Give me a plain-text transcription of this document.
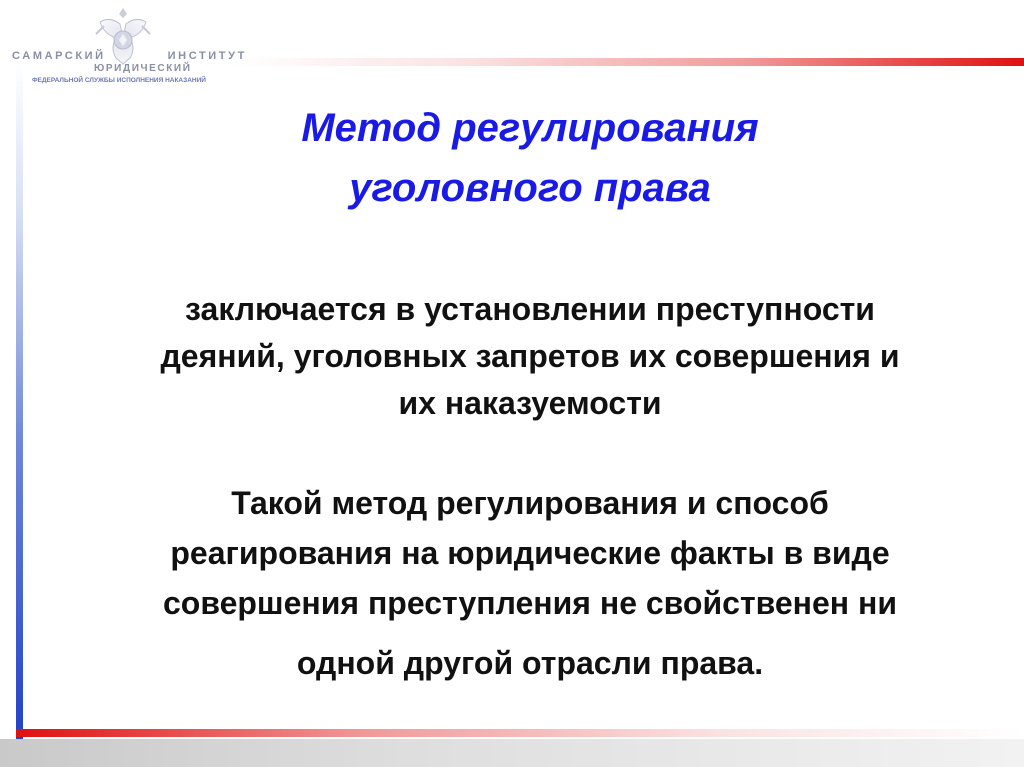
САМАРСКИЙ	ИНСТИТУТ
ЮРИДИЧЕСКИЙ
ФЕДЕРАЛЬНОЙ СЛУЖБЫ ИСПОЛНЕНИЯ НАКАЗАНИЙ
Метод регулирования
уголовного права
заключается в установлении преступности
деяний, уголовных запретов их совершения и
их наказуемости
Такой метод регулирования и способ
реагирования на юридические факты в виде
совершения преступления не свойственен ни
одной другой отрасли права.
